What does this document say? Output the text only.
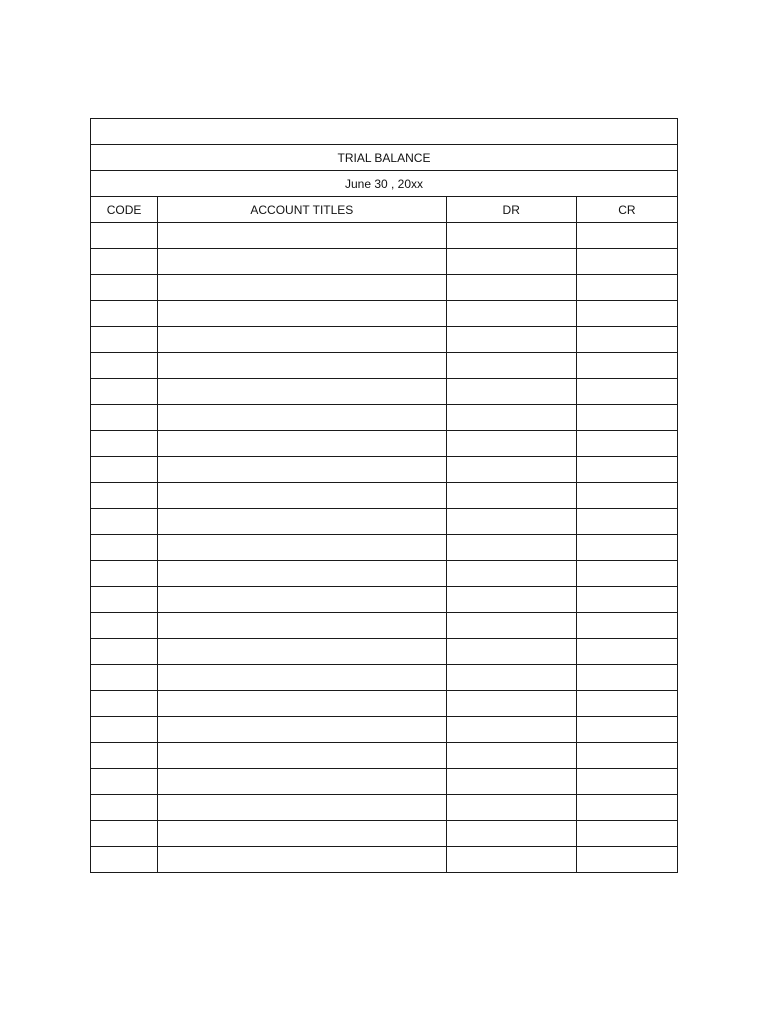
TRIAL BALANCE			
June 30 , 20xx			
CODE	ACCOUNT TITLES	DR	CR
